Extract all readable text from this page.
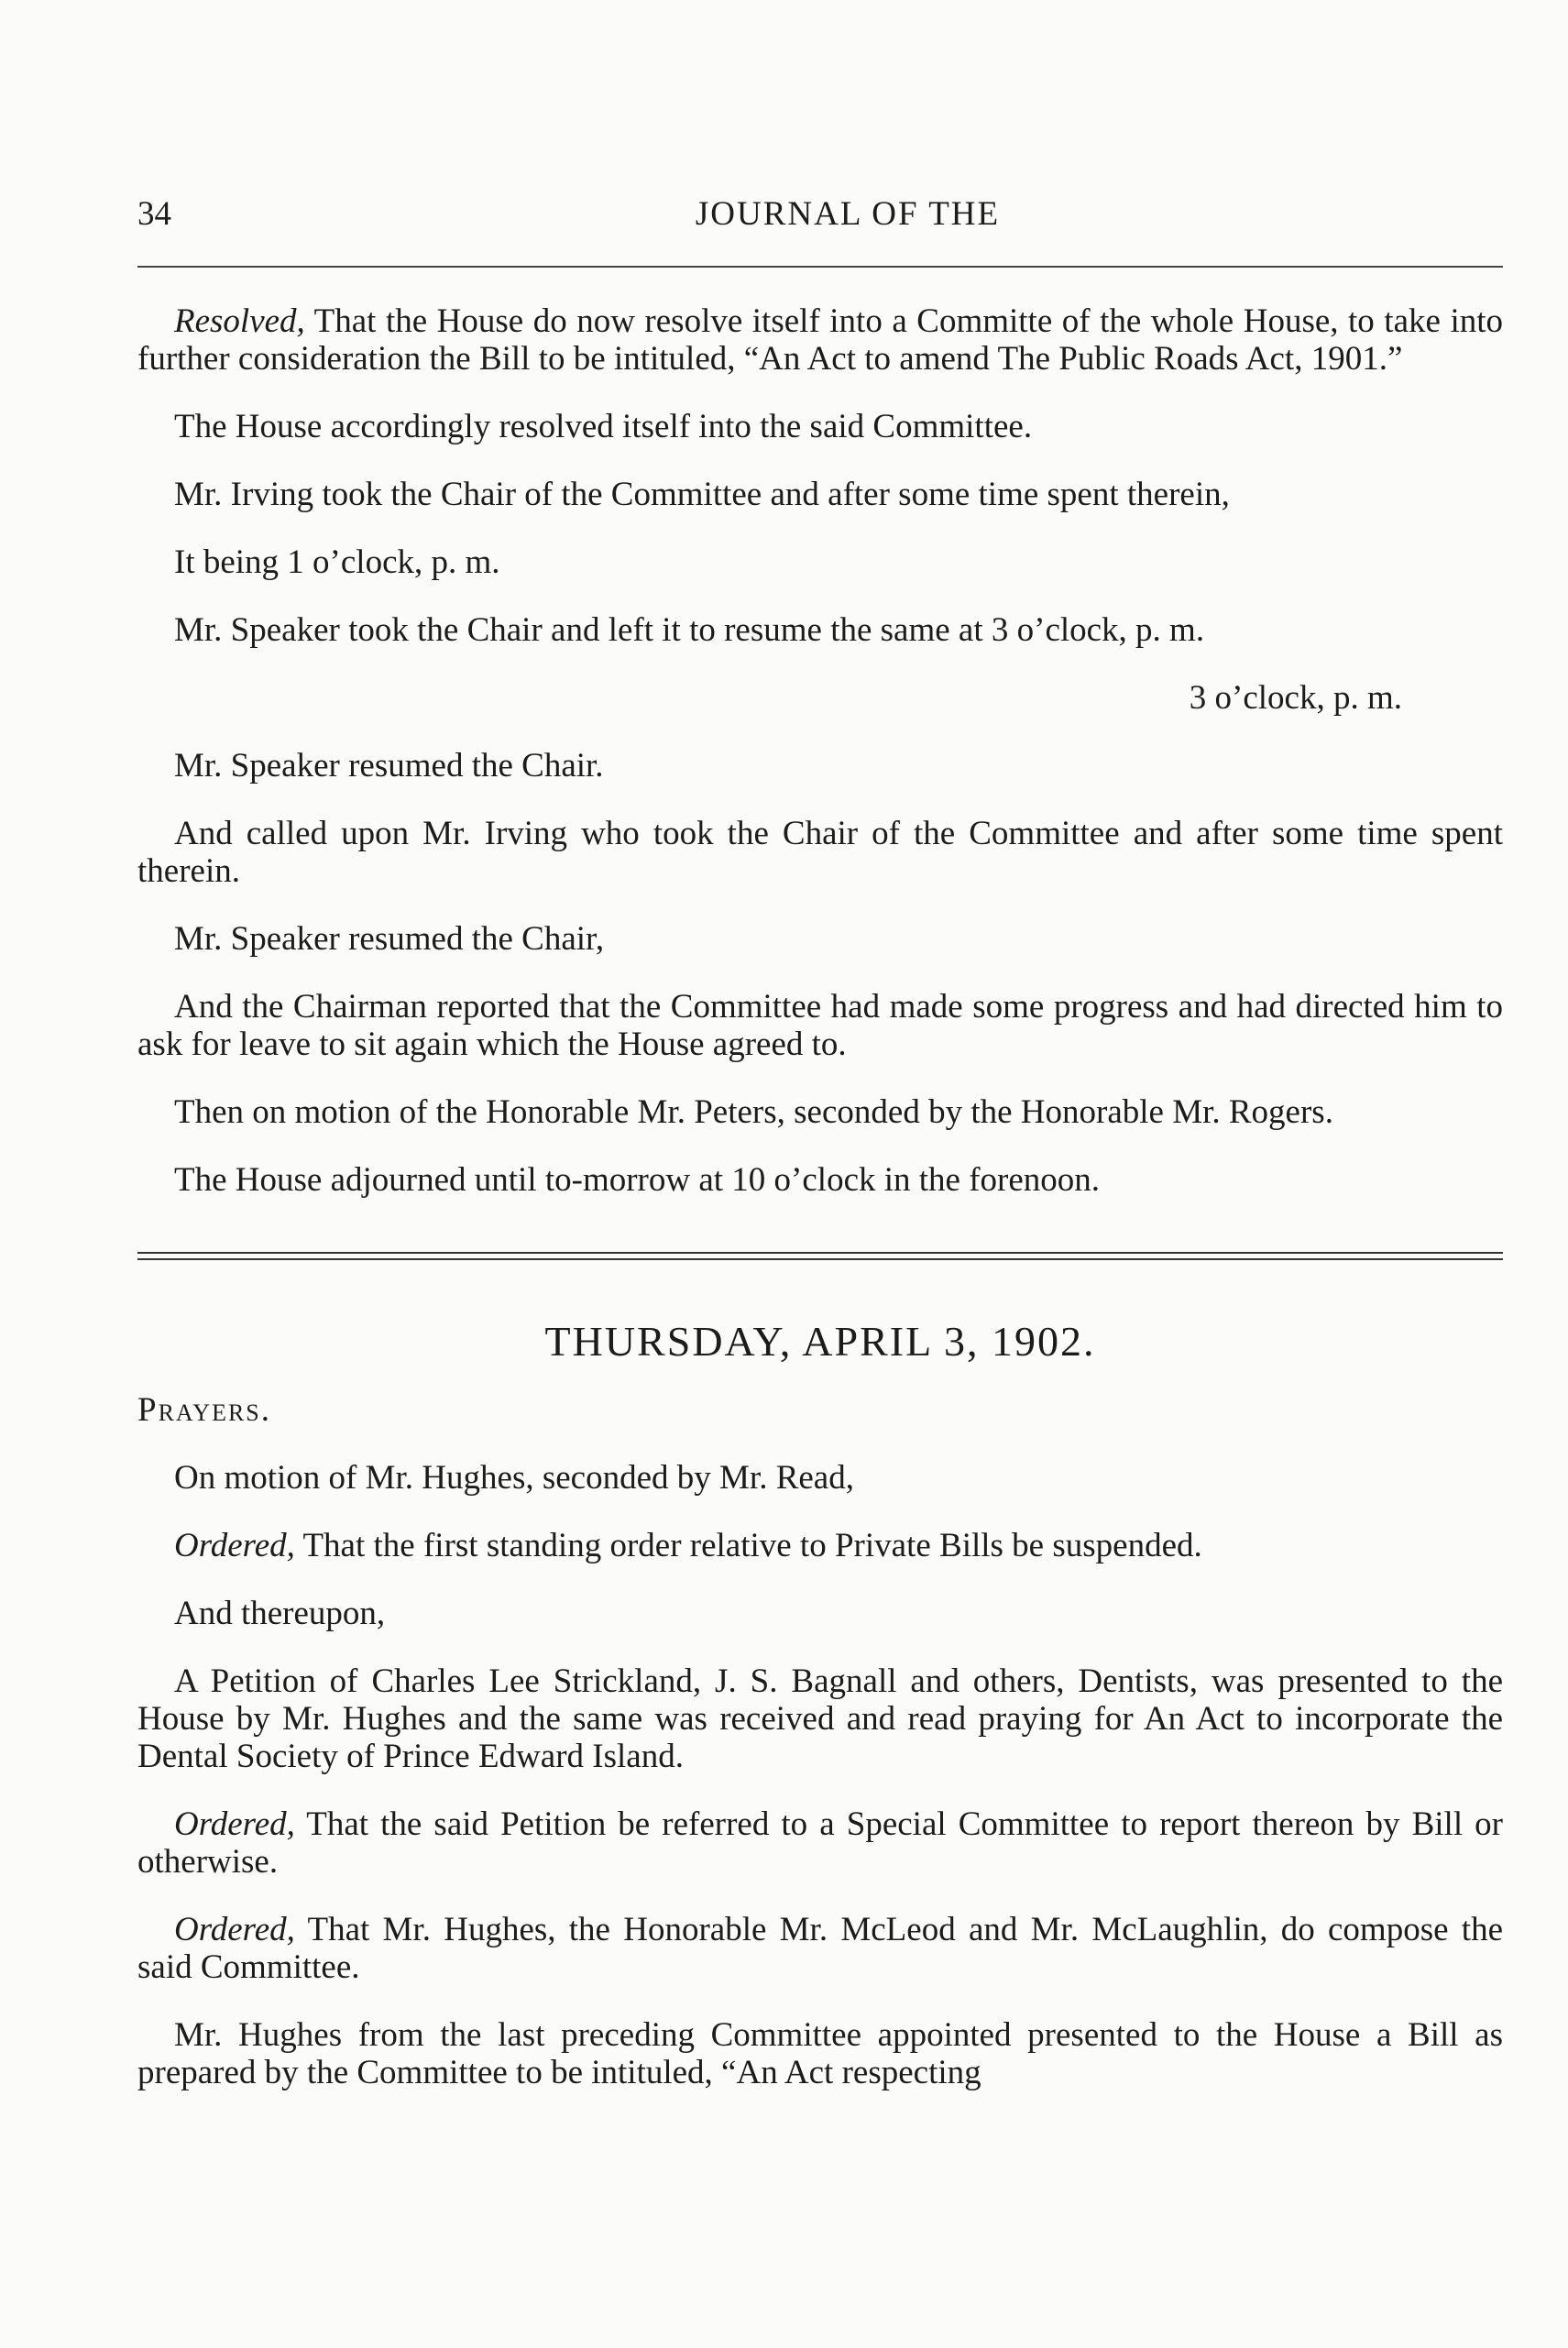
34	JOURNAL OF THE

Resolved, That the House do now resolve itself into a Committe of the whole House, to take into further consideration the Bill to be intituled, “An Act to amend The Public Roads Act, 1901.”

The House accordingly resolved itself into the said Committee.

Mr. Irving took the Chair of the Committee and after some time spent therein,

It being 1 o’clock, p. m.

Mr. Speaker took the Chair and left it to resume the same at 3 o’clock, p. m.

3 o’clock, p. m.

Mr. Speaker resumed the Chair.

And called upon Mr. Irving who took the Chair of the Committee and after some time spent therein.

Mr. Speaker resumed the Chair,

And the Chairman reported that the Committee had made some progress and had directed him to ask for leave to sit again which the House agreed to.

Then on motion of the Honorable Mr. Peters, seconded by the Honorable Mr. Rogers.

The House adjourned until to-morrow at 10 o’clock in the forenoon.

THURSDAY, APRIL 3, 1902.

Prayers.

On motion of Mr. Hughes, seconded by Mr. Read,

Ordered, That the first standing order relative to Private Bills be suspended.

And thereupon,

A Petition of Charles Lee Strickland, J. S. Bagnall and others, Dentists, was presented to the House by Mr. Hughes and the same was received and read praying for An Act to incorporate the Dental Society of Prince Edward Island.

Ordered, That the said Petition be referred to a Special Committee to report thereon by Bill or otherwise.

Ordered, That Mr. Hughes, the Honorable Mr. McLeod and Mr. McLaughlin, do compose the said Committee.

Mr. Hughes from the last preceding Committee appointed presented to the House a Bill as prepared by the Committee to be intituled, “An Act respecting
